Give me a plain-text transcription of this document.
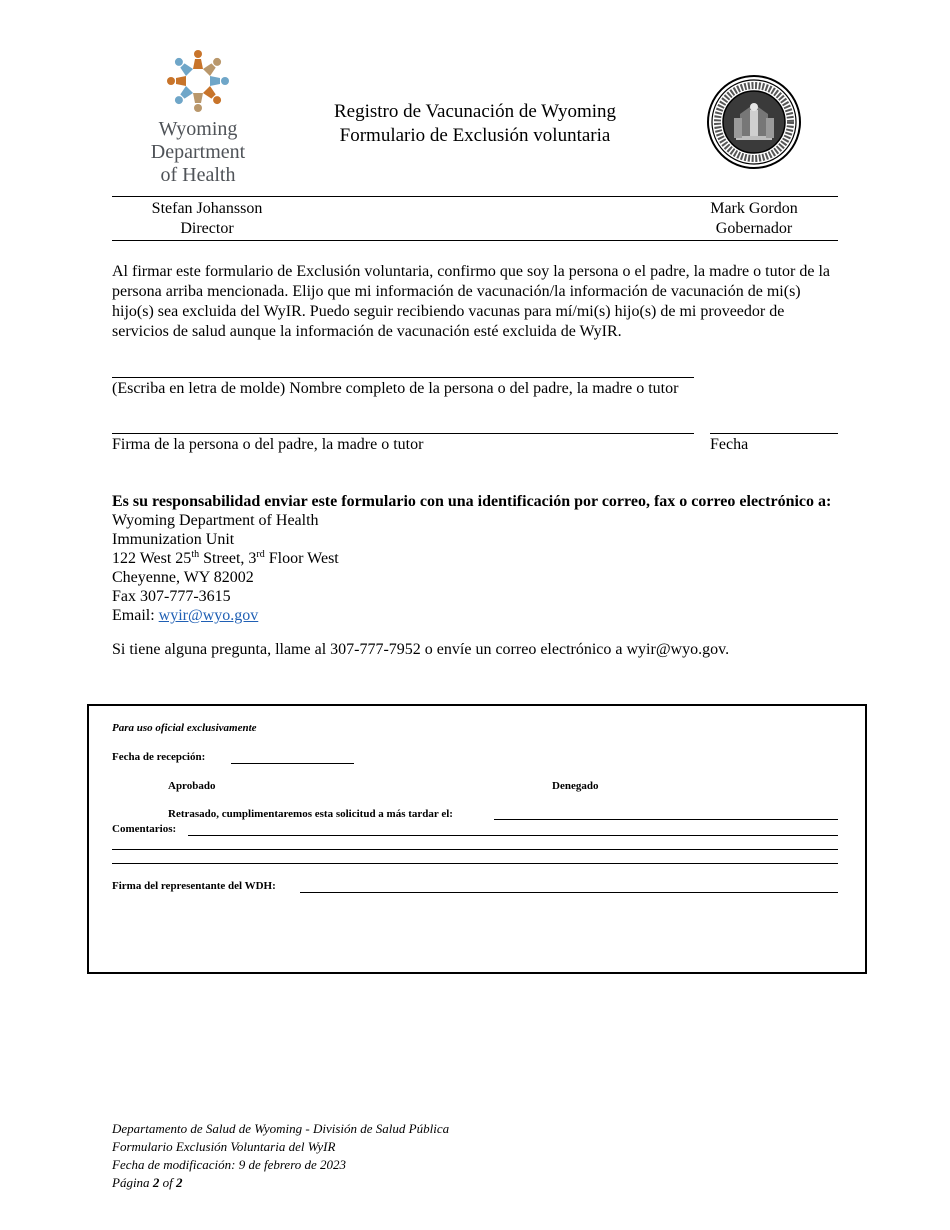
Wyoming
Department
of Health
Registro de Vacunación de Wyoming
Formulario de Exclusión voluntaria
Stefan Johansson
Director
Mark Gordon
Gobernador
Al firmar este formulario de Exclusión voluntaria, confirmo que soy la persona o el padre, la madre o tutor de la persona arriba mencionada. Elijo que mi información de vacunación/la información de vacunación de mi(s) hijo(s) sea excluida del WyIR. Puedo seguir recibiendo vacunas para mí/mi(s) hijo(s) de mi proveedor de servicios de salud aunque la información de vacunación esté excluida de WyIR.
(Escriba en letra de molde) Nombre completo de la persona o del padre, la madre o tutor
Firma de la persona o del padre, la madre o tutor	Fecha
Es su responsabilidad enviar este formulario con una identificación por correo, fax o correo electrónico a:
Wyoming Department of Health
Immunization Unit
122 West 25th Street, 3rd Floor West
Cheyenne, WY 82002
Fax 307-777-3615
Email: wyir@wyo.gov
Si tiene alguna pregunta, llame al 307-777-7952 o envíe un correo electrónico a wyir@wyo.gov.
Para uso oficial exclusivamente
Fecha de recepción:
Aprobado	Denegado
Retrasado, cumplimentaremos esta solicitud a más tardar el:
Comentarios:
Firma del representante del WDH:
Departamento de Salud de Wyoming - División de Salud Pública
Formulario Exclusión Voluntaria del WyIR
Fecha de modificación: 9 de febrero de 2023
Página 2 of 2
